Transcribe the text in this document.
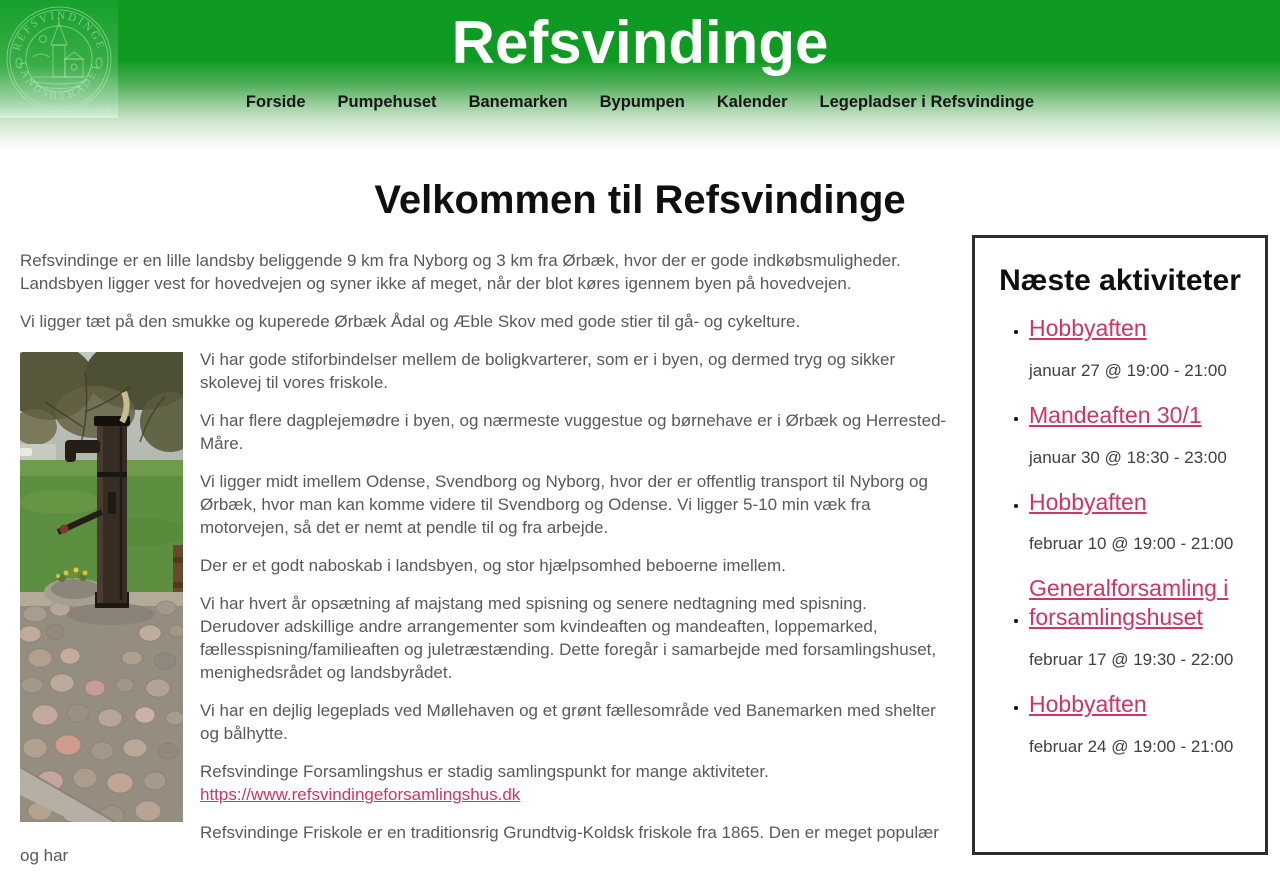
REFSVINDINGE
LANDSBYRÅDET
FYN
Refsvindinge
Forside Pumpehuset Banemarken Bypumpen Kalender Legepladser i Refsvindinge
Velkommen til Refsvindinge

Refsvindinge er en lille landsby beliggende 9 km fra Nyborg og 3 km fra Ørbæk, hvor der er gode indkøbsmuligheder. Landsbyen ligger vest for hovedvejen og syner ikke af meget, når der blot køres igennem byen på hovedvejen.

Vi ligger tæt på den smukke og kuperede Ørbæk Ådal og Æble Skov med gode stier til gå- og cykelture.

Vi har gode stiforbindelser mellem de boligkvarterer, som er i byen, og dermed tryg og sikker skolevej til vores friskole.

Vi har flere dagplejemødre i byen, og nærmeste vuggestue og børnehave er i Ørbæk og Herrested-Måre.

Vi ligger midt imellem Odense, Svendborg og Nyborg, hvor der er offentlig transport til Nyborg og Ørbæk, hvor man kan komme videre til Svendborg og Odense. Vi ligger 5-10 min væk fra motorvejen, så det er nemt at pendle til og fra arbejde.

Der er et godt naboskab i landsbyen, og stor hjælpsomhed beboerne imellem.

Vi har hvert år opsætning af majstang med spisning og senere nedtagning med spisning. Derudover adskillige andre arrangementer som kvindeaften og mandeaften, loppemarked, fællesspisning/familieaften og juletræstænding. Dette foregår i samarbejde med forsamlingshuset, menighedsrådet og landsbyrådet.

Vi har en dejlig legeplads ved Møllehaven og et grønt fællesområde ved Banemarken med shelter og bålhytte.

Refsvindinge Forsamlingshus er stadig samlingspunkt for mange aktiviteter.
https://www.refsvindingeforsamlingshus.dk

Refsvindinge Friskole er en traditionsrig Grundtvig-Koldsk friskole fra 1865. Den er meget populær og har

Næste aktiviteter
• Hobbyaften
januar 27 @ 19:00 - 21:00
• Mandeaften 30/1
januar 30 @ 18:30 - 23:00
• Hobbyaften
februar 10 @ 19:00 - 21:00
• Generalforsamling i forsamlingshuset
februar 17 @ 19:30 - 22:00
• Hobbyaften
februar 24 @ 19:00 - 21:00
